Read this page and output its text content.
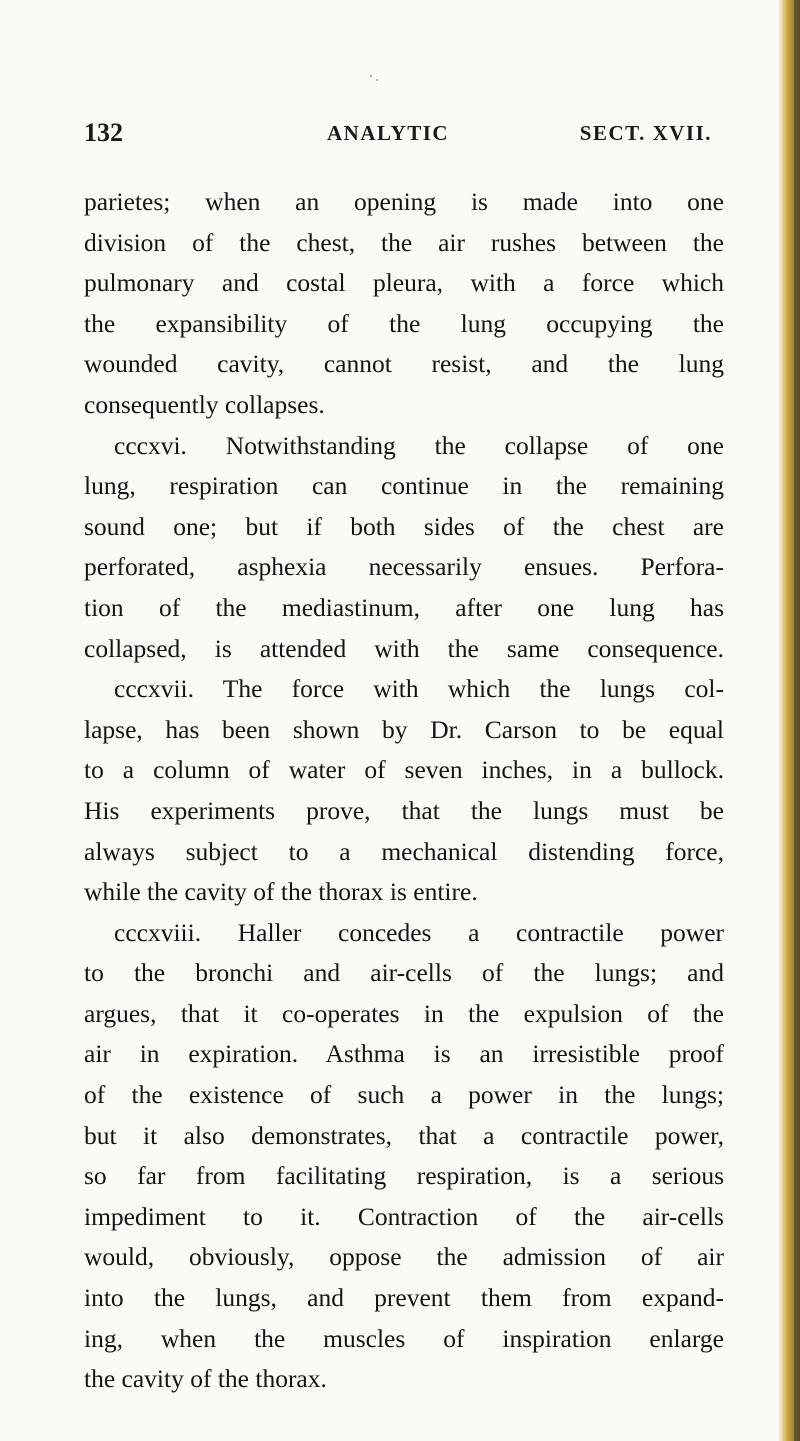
132	ANALYTIC	SECT. XVII.
parietes; when an opening is made into one
division of the chest, the air rushes between the
pulmonary and costal pleura, with a force which
the expansibility of the lung occupying the
wounded cavity, cannot resist, and the lung
consequently collapses.
cccxvi. Notwithstanding the collapse of one
lung, respiration can continue in the remaining
sound one; but if both sides of the chest are
perforated, asphexia necessarily ensues. Perfora-
tion of the mediastinum, after one lung has
collapsed, is attended with the same consequence.
cccxvii. The force with which the lungs col-
lapse, has been shown by Dr. Carson to be equal
to a column of water of seven inches, in a bullock.
His experiments prove, that the lungs must be
always subject to a mechanical distending force,
while the cavity of the thorax is entire.
cccxviii. Haller concedes a contractile power
to the bronchi and air-cells of the lungs; and
argues, that it co-operates in the expulsion of the
air in expiration. Asthma is an irresistible proof
of the existence of such a power in the lungs;
but it also demonstrates, that a contractile power,
so far from facilitating respiration, is a serious
impediment to it. Contraction of the air-cells
would, obviously, oppose the admission of air
into the lungs, and prevent them from expand-
ing, when the muscles of inspiration enlarge
the cavity of the thorax.
